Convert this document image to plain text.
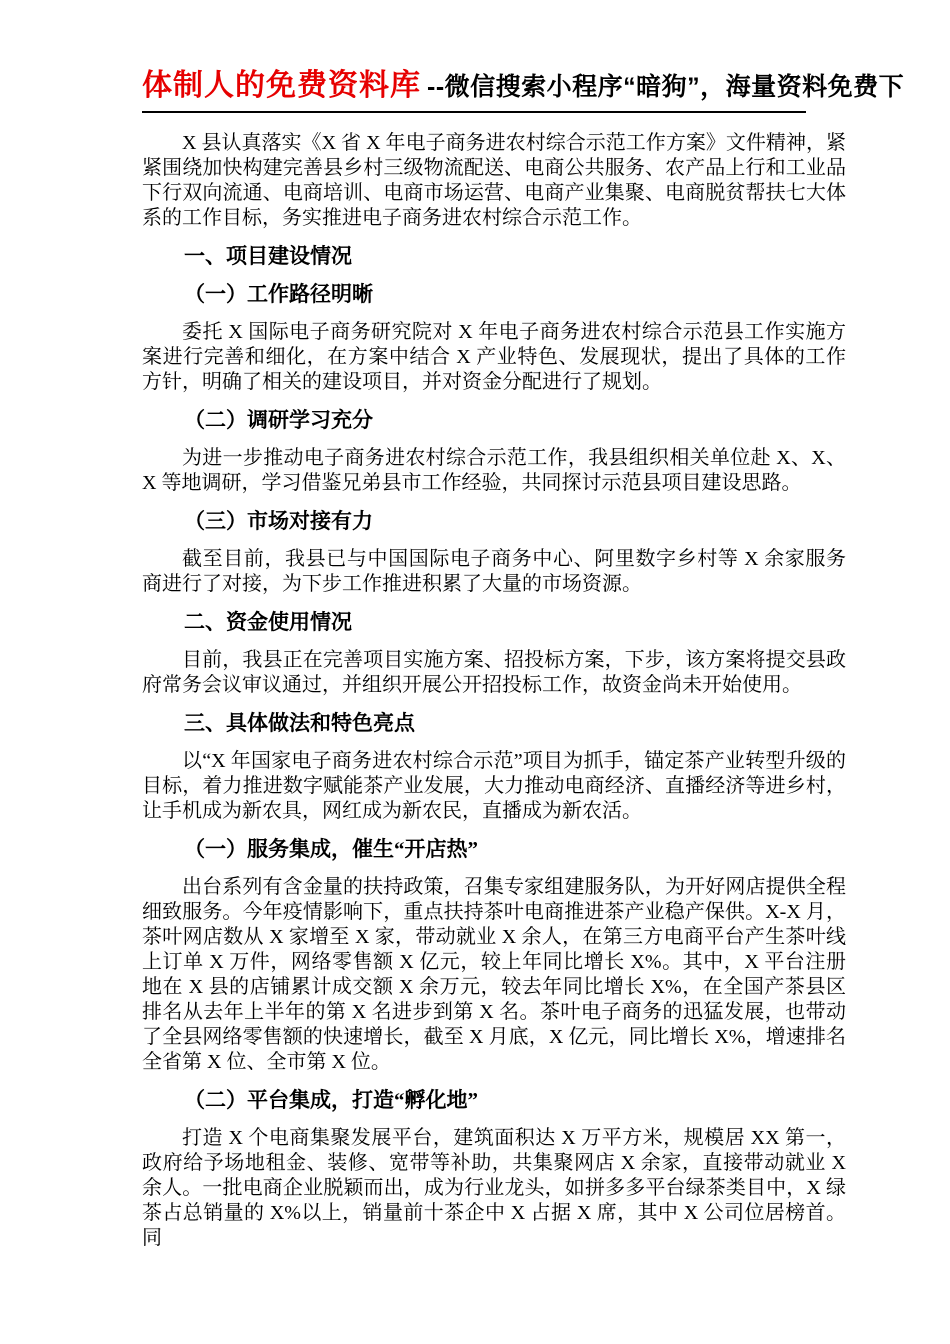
体制人的免费资料库 --微信搜索小程序“暗狗”，海量资料免费下

X 县认真落实《X 省 X 年电子商务进农村综合示范工作方案》文件精神，紧紧围绕加快构建完善县乡村三级物流配送、电商公共服务、农产品上行和工业品下行双向流通、电商培训、电商市场运营、电商产业集聚、电商脱贫帮扶七大体系的工作目标，务实推进电子商务进农村综合示范工作。

一、项目建设情况

（一）工作路径明晰

委托 X 国际电子商务研究院对 X 年电子商务进农村综合示范县工作实施方案进行完善和细化，在方案中结合 X 产业特色、发展现状，提出了具体的工作方针，明确了相关的建设项目，并对资金分配进行了规划。

（二）调研学习充分

为进一步推动电子商务进农村综合示范工作，我县组织相关单位赴 X、X、X 等地调研，学习借鉴兄弟县市工作经验，共同探讨示范县项目建设思路。

（三）市场对接有力

截至目前，我县已与中国国际电子商务中心、阿里数字乡村等 X 余家服务商进行了对接，为下步工作推进积累了大量的市场资源。

二、资金使用情况

目前，我县正在完善项目实施方案、招投标方案，下步，该方案将提交县政府常务会议审议通过，并组织开展公开招投标工作，故资金尚未开始使用。

三、具体做法和特色亮点

以“X 年国家电子商务进农村综合示范”项目为抓手，锚定茶产业转型升级的目标，着力推进数字赋能茶产业发展，大力推动电商经济、直播经济等进乡村，让手机成为新农具，网红成为新农民，直播成为新农活。

（一）服务集成，催生“开店热”

出台系列有含金量的扶持政策，召集专家组建服务队，为开好网店提供全程细致服务。今年疫情影响下，重点扶持茶叶电商推进茶产业稳产保供。X-X 月，茶叶网店数从 X 家增至 X 家，带动就业 X 余人，在第三方电商平台产生茶叶线上订单 X 万件，网络零售额 X 亿元，较上年同比增长 X%。其中，X 平台注册地在 X 县的店铺累计成交额 X 余万元，较去年同比增长 X%，在全国产茶县区排名从去年上半年的第 X 名进步到第 X 名。茶叶电子商务的迅猛发展，也带动了全县网络零售额的快速增长，截至 X 月底，X 亿元，同比增长 X%，增速排名全省第 X 位、全市第 X 位。

（二）平台集成，打造“孵化地”

打造 X 个电商集聚发展平台，建筑面积达 X 万平方米，规模居 XX 第一，政府给予场地租金、装修、宽带等补助，共集聚网店 X 余家，直接带动就业 X 余人。一批电商企业脱颖而出，成为行业龙头，如拼多多平台绿茶类目中，X 绿茶占总销量的 X%以上，销量前十茶企中 X 占据 X 席，其中 X 公司位居榜首。同
